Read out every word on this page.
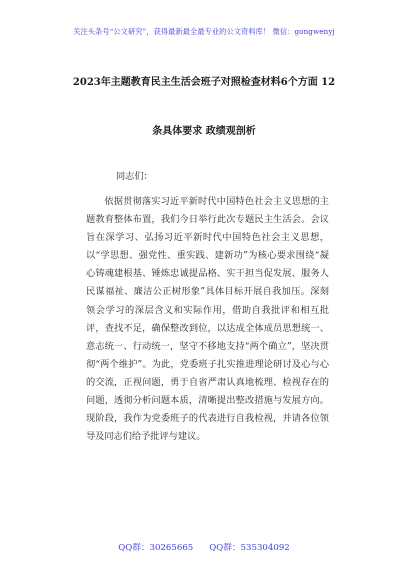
关注头条号“公文研究”，获得最新最全最专业的公文资料库！ 微信：gongwenyj
2023年主题教育民主生活会班子对照检查材料6个方面 12
条具体要求 政绩观剖析
同志们：
依据贯彻落实习近平新时代中国特色社会主义思想的主题教育整体布置，我们今日举行此次专题民主生活会。会议旨在深学习、弘扬习近平新时代中国特色社会主义思想，以“学思想、强党性、重实践、建新功”为核心要求围绕“凝心铸魂建根基、锤炼忠诚提品格、实干担当促发展、服务人民谋福祉、廉洁公正树形象”具体目标开展自我加压。深刻领会学习的深层含义和实际作用，借助自我批评和相互批评，查找不足，确保整改到位，以达成全体成员思想统一、意志统一、行动统一，坚守不移地支持“两个确立”，坚决贯彻“两个维护”。为此，党委班子扎实推进理论研讨及心与心的交流，正视问题，勇于自省严肃认真地梳理、检视存在的问题，透彻分析问题本质，清晰提出整改措施与发展方向。现阶段，我作为党委班子的代表进行自我检视，并请各位领导及同志们给予批评与建议。
QQ群：30265665 QQ群：535304092
